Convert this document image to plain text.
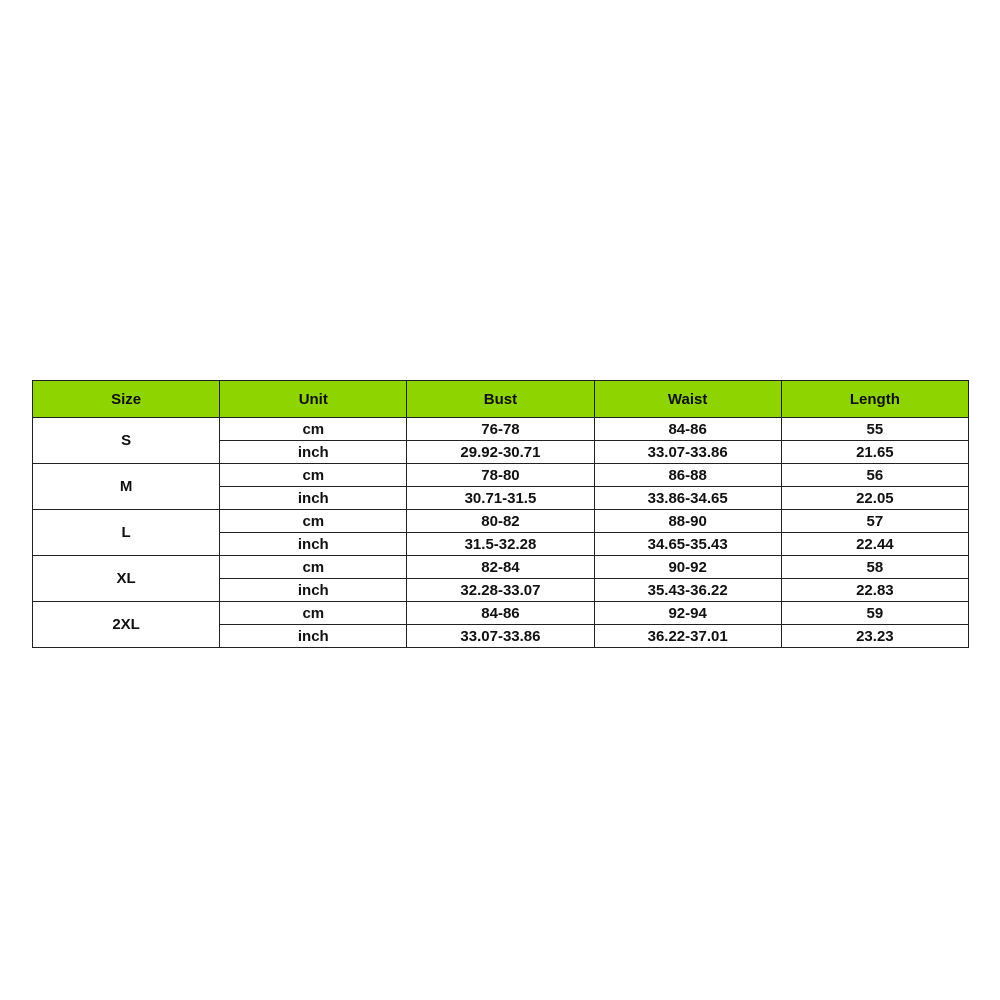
Size	Unit	Bust	Waist	Length
S	cm	76-78	84-86	55
	inch	29.92-30.71	33.07-33.86	21.65
M	cm	78-80	86-88	56
	inch	30.71-31.5	33.86-34.65	22.05
L	cm	80-82	88-90	57
	inch	31.5-32.28	34.65-35.43	22.44
XL	cm	82-84	90-92	58
	inch	32.28-33.07	35.43-36.22	22.83
2XL	cm	84-86	92-94	59
	inch	33.07-33.86	36.22-37.01	23.23
